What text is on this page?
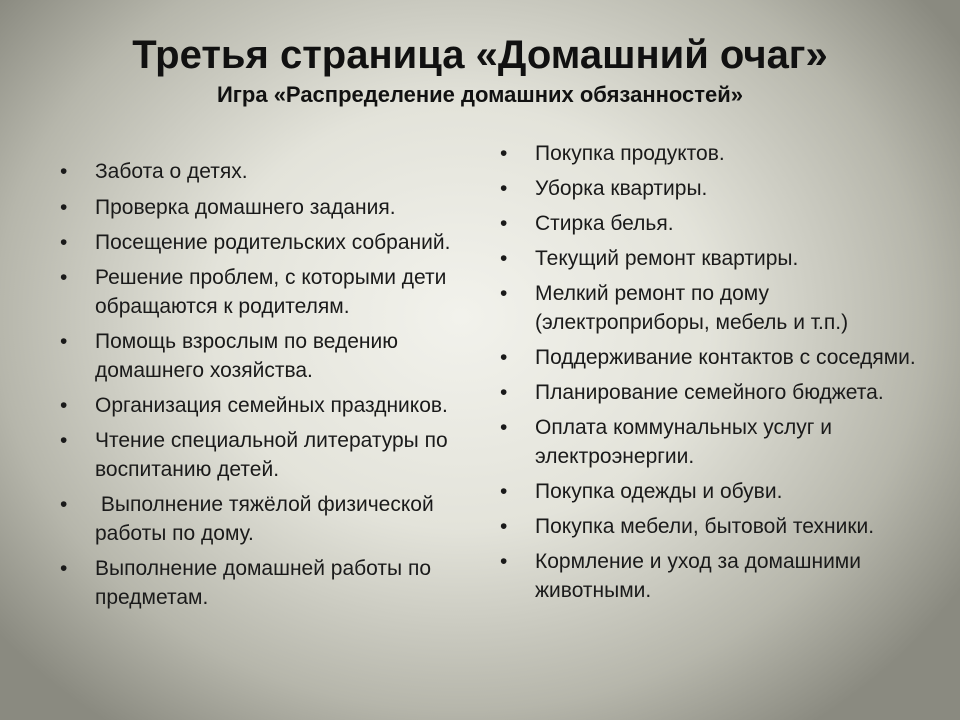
Третья страница «Домашний очаг»
Игра «Распределение домашних обязанностей»
•	Забота о детях.
•	Проверка домашнего задания.
•	Посещение родительских собраний.
•	Решение проблем, с которыми дети обращаются к родителям.
•	Помощь взрослым по ведению домашнего хозяйства.
•	Организация семейных праздников.
•	Чтение специальной литературы по воспитанию детей.
•	Выполнение тяжёлой физической работы по дому.
•	Выполнение домашней работы по предметам.
•	Покупка продуктов.
•	Уборка квартиры.
•	Стирка белья.
•	Текущий ремонт квартиры.
•	Мелкий ремонт по дому (электроприборы, мебель и т.п.)
•	Поддерживание контактов с соседями.
•	Планирование семейного бюджета.
•	Оплата коммунальных услуг и электроэнергии.
•	Покупка одежды и обуви.
•	Покупка мебели, бытовой техники.
•	Кормление и уход за домашними животными.
